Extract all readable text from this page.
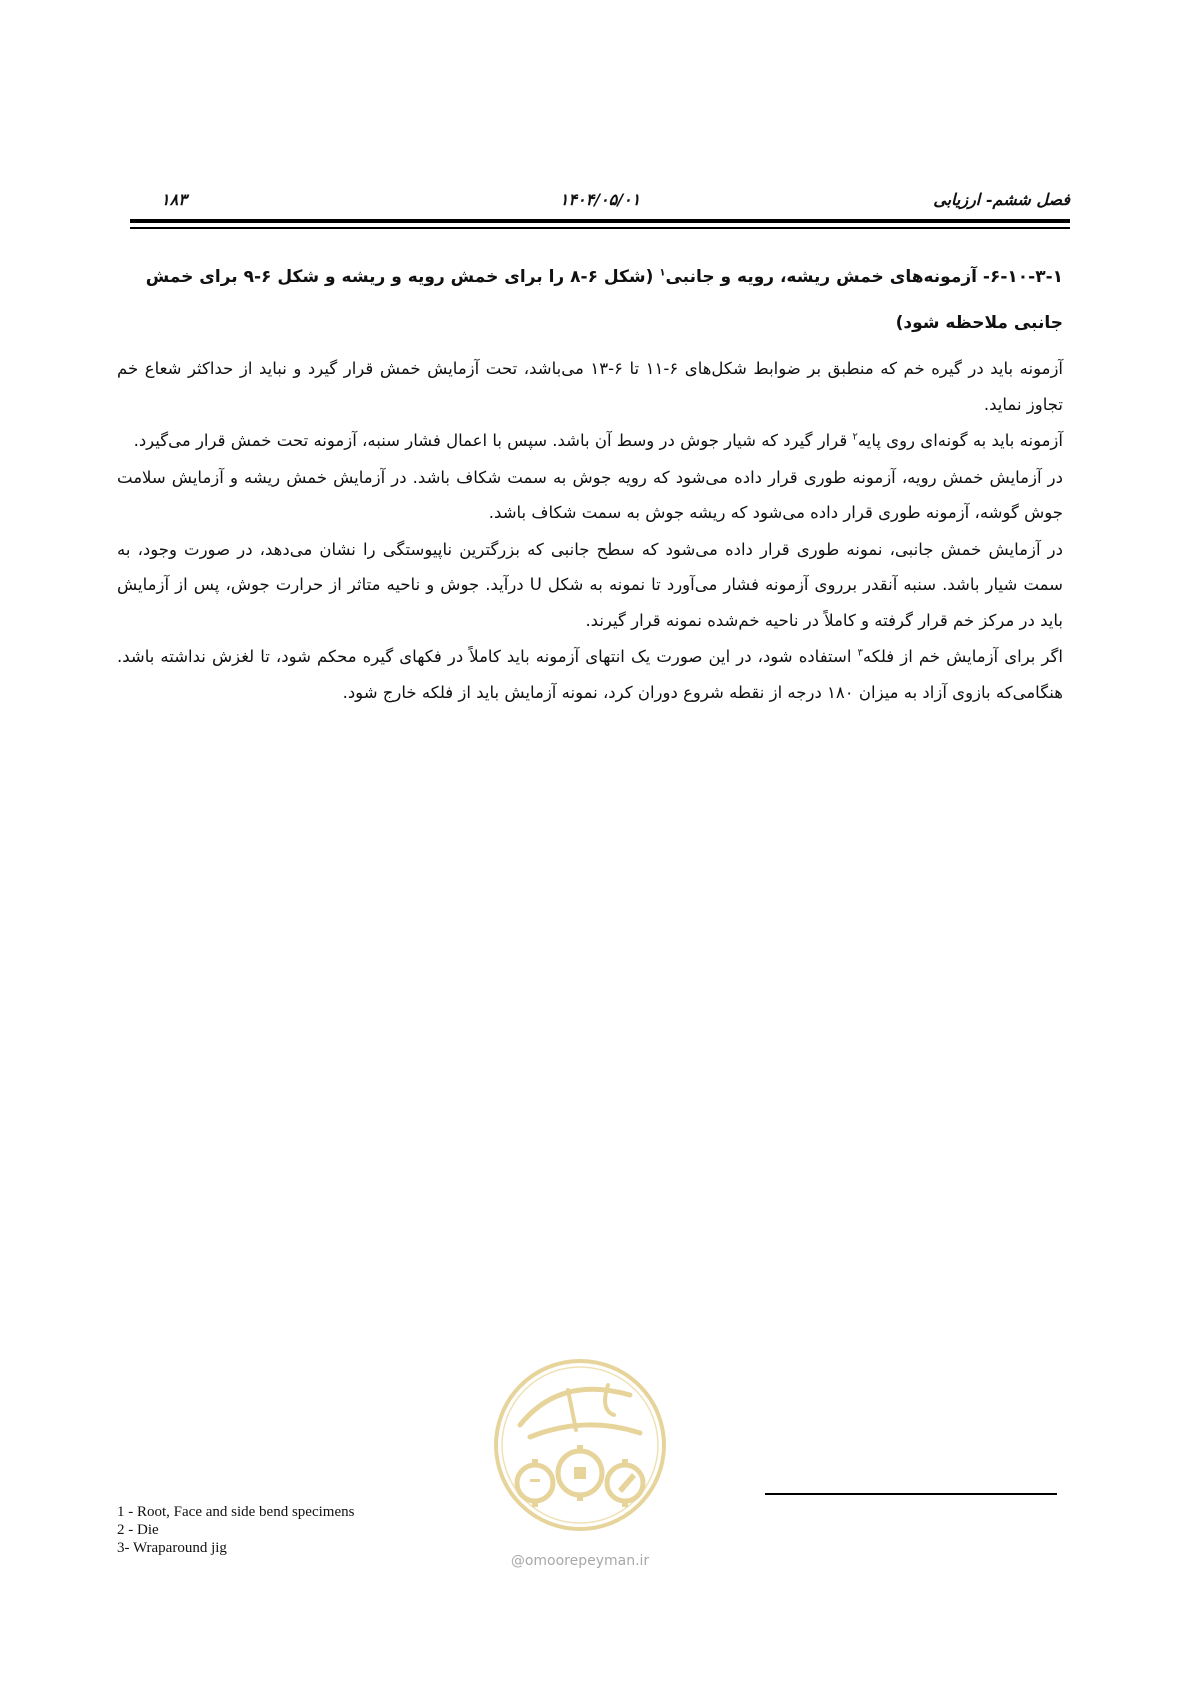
فصل ششم- ارزیابی
۱۴۰۴/۰۵/۰۱
۱۸۳

۶-۱۰-۳-۱- آزمونه‌های خمش ریشه، رویه و جانبی$^۱$ (شکل ۶-۸ را برای خمش رویه و ریشه و شکل ۶-۹ برای خمش جانبی ملاحظه شود)

آزمونه باید در گیره خم که منطبق بر ضوابط شکل‌های ۶-۱۱ تا ۶-۱۳ می‌باشد، تحت آزمایش خمش قرار گیرد و نباید از حداکثر شعاع خم تجاوز نماید.

آزمونه باید به گونه‌ای روی پایه$^۲$ قرار گیرد که شیار جوش در وسط آن باشد. سپس با اعمال فشار سنبه، آزمونه تحت خمش قرار می‌گیرد.

در آزمایش خمش رویه، آزمونه طوری قرار داده می‌شود که رویه جوش به سمت شکاف باشد. در آزمایش خمش ریشه و آزمایش سلامت جوش گوشه، آزمونه طوری قرار داده می‌شود که ریشه جوش به سمت شکاف باشد.

در آزمایش خمش جانبی، نمونه طوری قرار داده می‌شود که سطح جانبی که بزرگترین ناپیوستگی را نشان می‌دهد، در صورت وجود، به سمت شیار باشد. سنبه آنقدر برروی آزمونه فشار می‌آورد تا نمونه به شکل U درآید. جوش و ناحیه متاثر از حرارت جوش، پس از آزمایش باید در مرکز خم قرار گرفته و کاملاً در ناحیه خم‌شده نمونه قرار گیرند.

اگر برای آزمایش خم از فلکه$^۳$ استفاده شود، در این صورت یک انتهای آزمونه باید کاملاً در فکهای گیره محکم شود، تا لغزش نداشته باشد. هنگامی‌که بازوی آزاد به میزان ۱۸۰ درجه از نقطه شروع دوران کرد، نمونه آزمایش باید از فلکه خارج شود.

@omoorepeyman.ir
1 - Root, Face and side bend specimens
2 - Die
3- Wraparound jig
